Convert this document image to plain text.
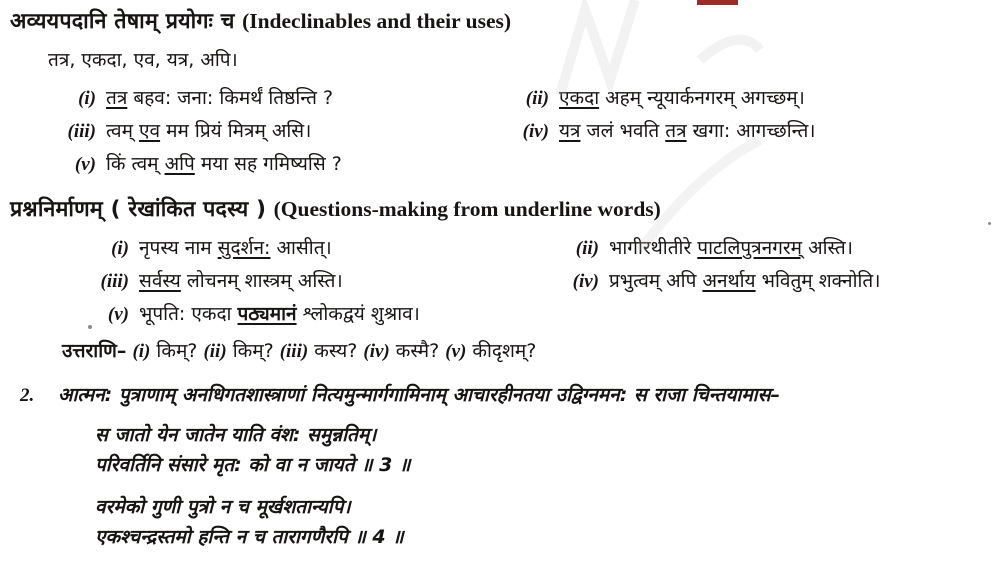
अव्ययपदानि तेषाम् प्रयोगः च (Indeclinables and their uses)
तत्र, एकदा, एव, यत्र, अपि।
(i) तत्र बहव: जना: किमर्थं तिष्ठन्ति ?	(ii) एकदा अहम् न्यूयार्कनगरम् अगच्छम्।
(iii) त्वम् एव मम प्रियं मित्रम् असि।	(iv) यत्र जलं भवति तत्र खगा: आगच्छन्ति।
(v) किं त्वम् अपि मया सह गमिष्यसि ?
प्रश्ननिर्माणम् ( रेखांकित पदस्य ) (Questions-making from underline words)
(i) नृपस्य नाम सुदर्शन: आसीत्।	(ii) भागीरथीतीरे पाटलिपुत्रनगरम् अस्ति।
(iii) सर्वस्य लोचनम् शास्त्रम् अस्ति।	(iv) प्रभुत्वम् अपि अनर्थाय भवितुम् शक्नोति।
(v) भूपति: एकदा पठ्यमानं श्लोकद्वयं शुश्राव।
उत्तराणि– (i) किम्? (ii) किम्? (iii) कस्य? (iv) कस्मै? (v) कीदृशम्?
2.	आत्मन: पुत्राणाम् अनधिगतशास्त्राणां नित्यमुन्मार्गगामिनाम् आचारहीनतया उद्विग्नमन: स राजा चिन्तयामास–
स जातो येन जातेन याति वंश: समुन्नतिम्।
परिवर्तिनि संसारे मृत: को वा न जायते ॥ 3 ॥
वरमेको गुणी पुत्रो न च मूर्खशतान्यपि।
एकश्चन्द्रस्तमो हन्ति न च तारागणैरपि ॥ 4 ॥
